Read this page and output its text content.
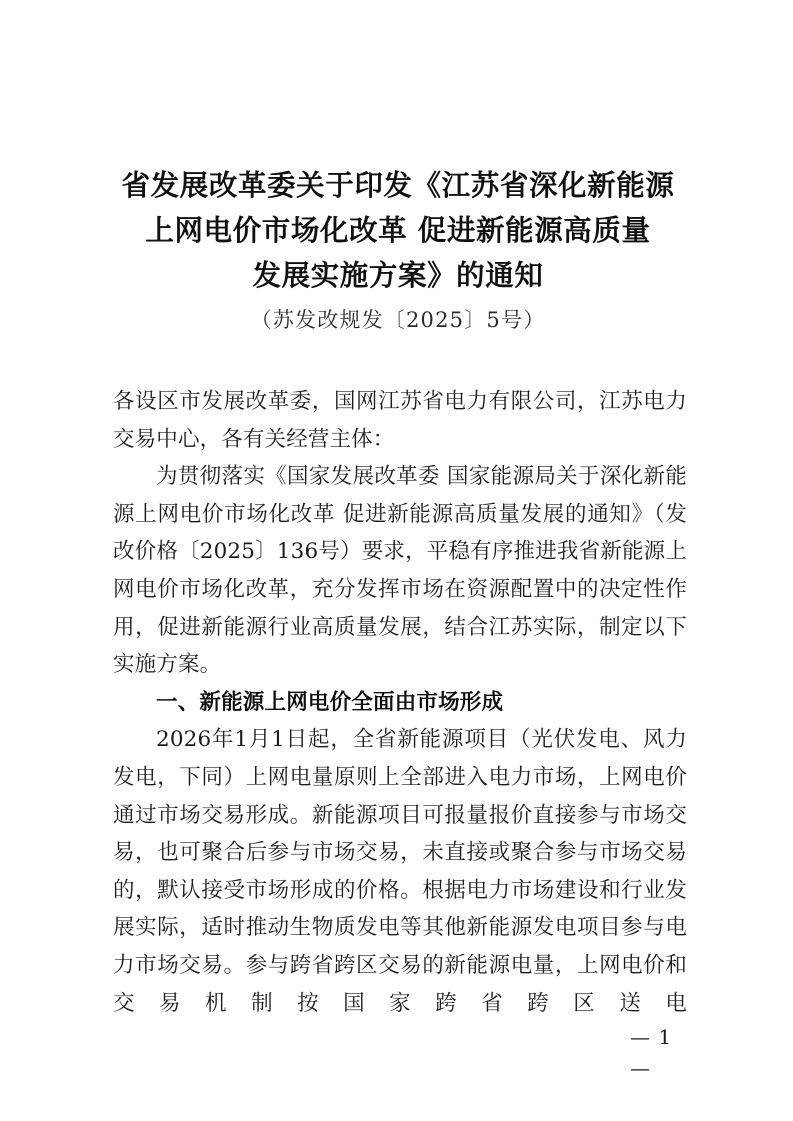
省发展改革委关于印发《江苏省深化新能源
上网电价市场化改革 促进新能源高质量
发展实施方案》的通知
（苏发改规发〔2025〕5号）

各设区市发展改革委，国网江苏省电力有限公司，江苏电力交易中心，各有关经营主体：

为贯彻落实《国家发展改革委 国家能源局关于深化新能源上网电价市场化改革 促进新能源高质量发展的通知》（发改价格〔2025〕136号）要求，平稳有序推进我省新能源上网电价市场化改革，充分发挥市场在资源配置中的决定性作用，促进新能源行业高质量发展，结合江苏实际，制定以下实施方案。

一、新能源上网电价全面由市场形成

2026年1月1日起，全省新能源项目（光伏发电、风力发电，下同）上网电量原则上全部进入电力市场，上网电价通过市场交易形成。新能源项目可报量报价直接参与市场交易，也可聚合后参与市场交易，未直接或聚合参与市场交易的，默认接受市场形成的价格。根据电力市场建设和行业发展实际，适时推动生物质发电等其他新能源发电项目参与电力市场交易。参与跨省跨区交易的新能源电量，上网电价和交易机制按国家跨省跨区送电

— 1 —
